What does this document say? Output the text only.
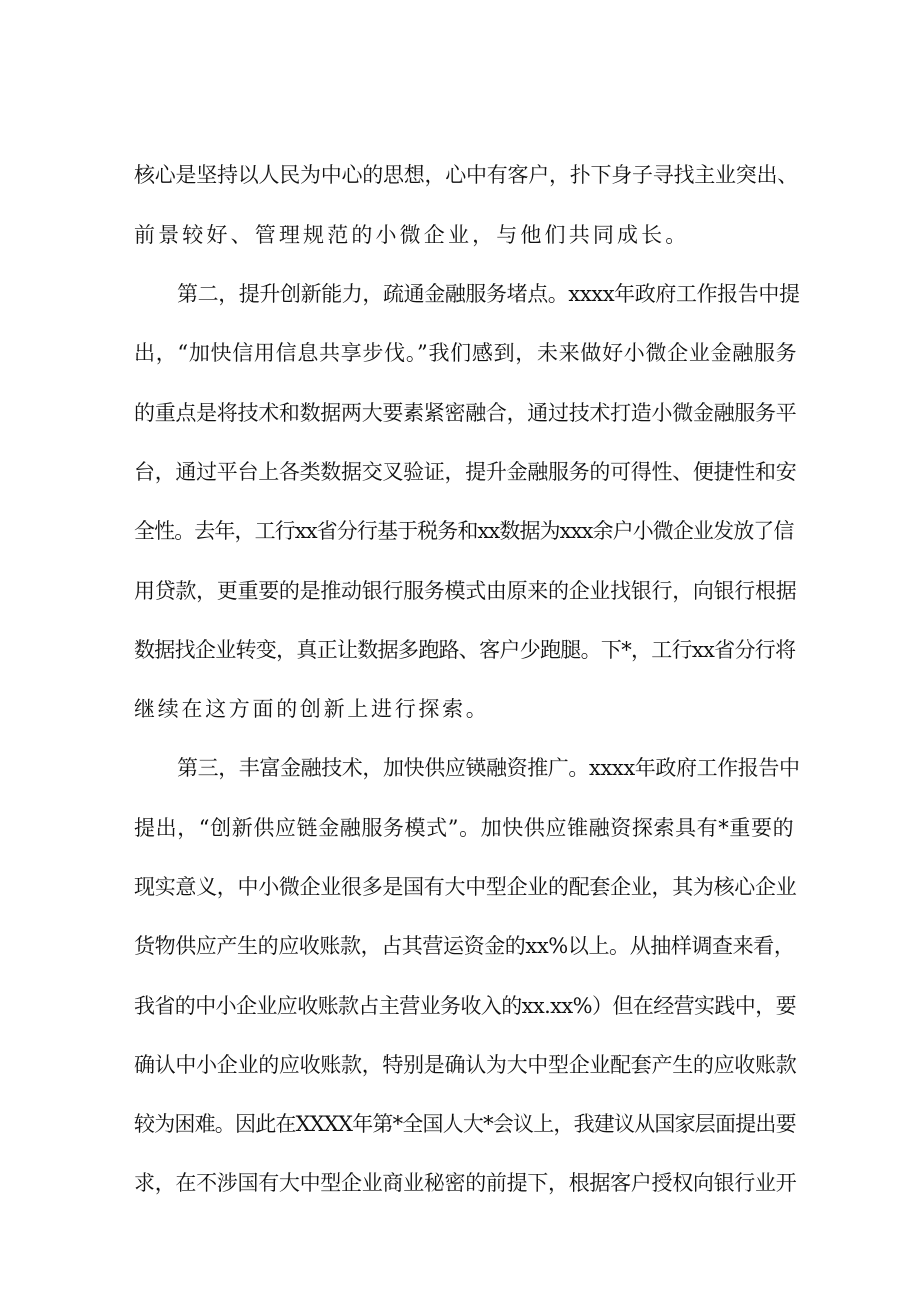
核心是坚持以人民为中心的思想，心中有客户，扑下身子寻找主业突出、
前景较好、管理规范的小微企业，与他们共同成长。
第二，提升创新能力，疏通金融服务堵点。xxxx年政府工作报告中提
出，“加快信用信息共享步伐。”我们感到，未来做好小微企业金融服务
的重点是将技术和数据两大要素紧密融合，通过技术打造小微金融服务平
台，通过平台上各类数据交叉验证，提升金融服务的可得性、便捷性和安
全性。去年，工行xx省分行基于税务和xx数据为xxx余户小微企业发放了信
用贷款，更重要的是推动银行服务模式由原来的企业找银行，向银行根据
数据找企业转变，真正让数据多跑路、客户少跑腿。下*，工行xx省分行将
继续在这方面的创新上进行探索。
第三，丰富金融技术，加快供应锳融资推广。xxxx年政府工作报告中
提出，“创新供应链金融服务模式”。加快供应锥融资探索具有*重要的
现实意义，中小微企业很多是国有大中型企业的配套企业，其为核心企业
货物供应产生的应收账款，占其营运资金的xx%以上。从抽样调查来看，
我省的中小企业应收账款占主营业务收入的xx.xx%）但在经营实践中，要
确认中小企业的应收账款，特别是确认为大中型企业配套产生的应收账款
较为困难。因此在XXXX年第*全国人大*会议上，我建议从国家层面提出要
求，在不涉国有大中型企业商业秘密的前提下，根据客户授权向银行业开
